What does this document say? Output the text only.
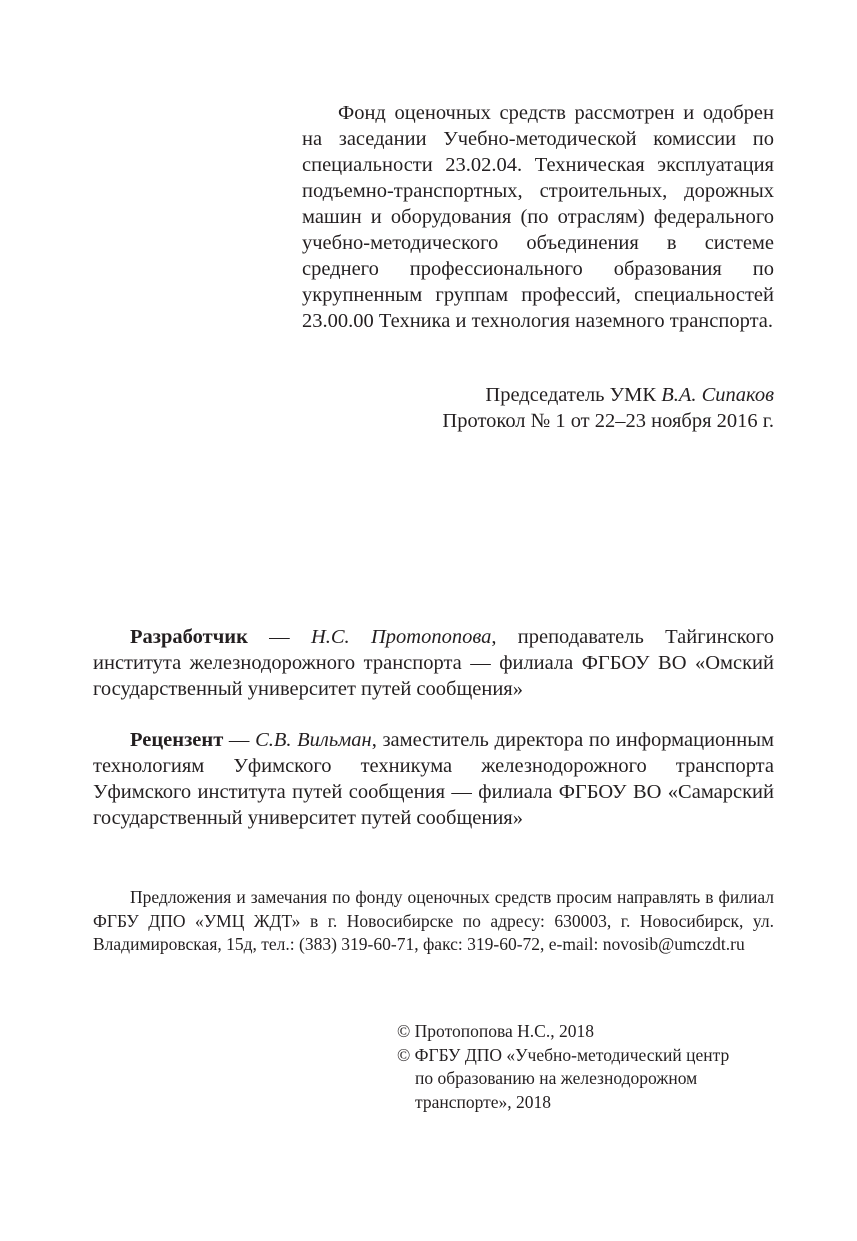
Фонд оценочных средств рассмотрен и одобрен на заседании Учебно-методической комиссии по специальности 23.02.04. Техническая эксплуатация подъемно-транспортных, строительных, дорожных машин и оборудования (по отраслям) федерального учебно-методического объединения в системе среднего профессионального образования по укрупненным группам профессий, специальностей 23.00.00 Техника и технология наземного транспорта.
Председатель УМК В.А. Сипаков
Протокол № 1 от 22–23 ноября 2016 г.

Разработчик — Н.С. Протопопова, преподаватель Тайгинского института железнодорожного транспорта — филиала ФГБОУ ВО «Омский государственный университет путей сообщения»

Рецензент — С.В. Вильман, заместитель директора по информационным технологиям Уфимского техникума железнодорожного транспорта Уфимского института путей сообщения — филиала ФГБОУ ВО «Самарский государственный университет путей сообщения»

Предложения и замечания по фонду оценочных средств просим направлять в филиал ФГБУ ДПО «УМЦ ЖДТ» в г. Новосибирске по адресу: 630003, г. Новосибирск, ул. Владимировская, 15д, тел.: (383) 319-60-71, факс: 319-60-72, e-mail: novosib@umczdt.ru
© Протопопова Н.С., 2018
© ФГБУ ДПО «Учебно-методический центр
по образованию на железнодорожном
транспорте», 2018
